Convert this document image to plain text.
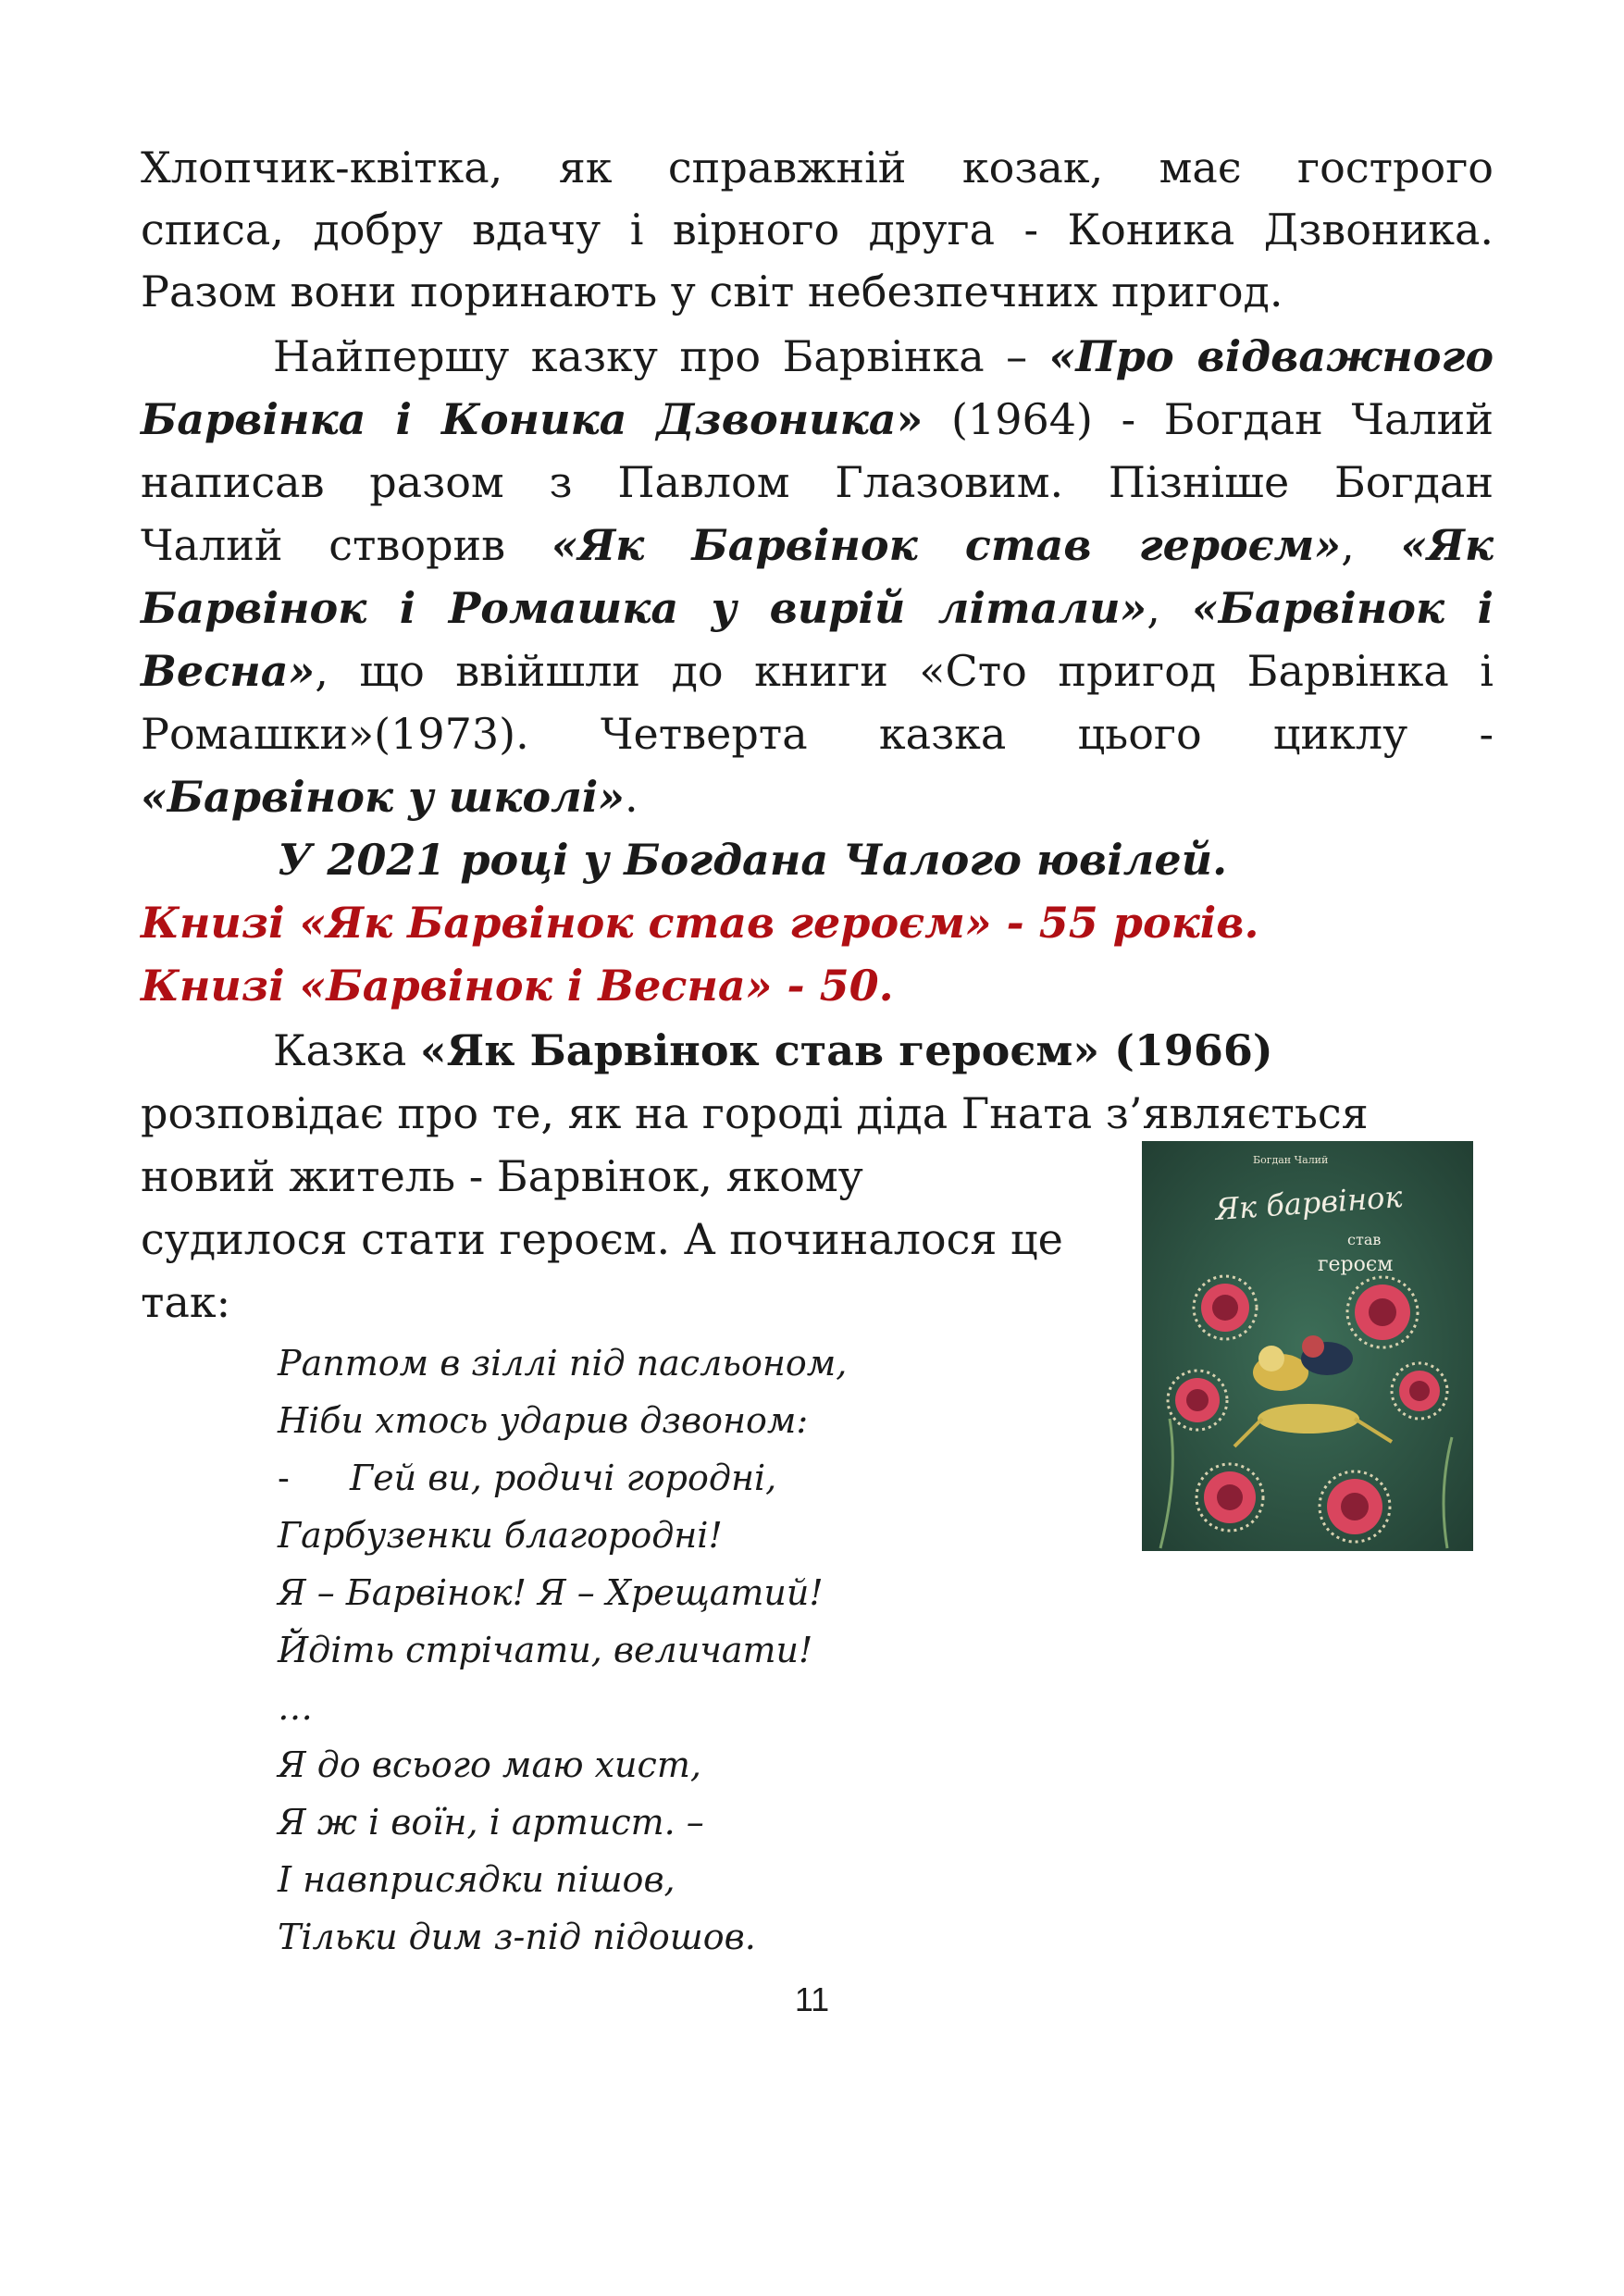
Хлопчик-квітка, як справжній козак, має гострого
списа, добру вдачу і вірного друга - Коника Дзвоника.
Разом вони поринають у світ небезпечних пригод.
Найпершу казку про Барвінка – «Про відважного
Барвінка і Коника Дзвоника» (1964) - Богдан Чалий
написав разом з Павлом Глазовим. Пізніше Богдан
Чалий створив «Як Барвінок став героєм», «Як
Барвінок і Ромашка у вирій літали», «Барвінок і
Весна», що ввійшли до книги «Сто пригод Барвінка і
Ромашки»(1973). Четверта казка цього циклу -
«Барвінок у школі».
У 2021 році у Богдана Чалого ювілей.
Книзі «Як Барвінок став героєм» - 55 років.
Книзі «Барвінок і Весна» - 50.
Казка «Як Барвінок став героєм» (1966)
розповідає про те, як на городі діда Гната з’являється
новий житель - Барвінок, якому
судилося стати героєм. А починалося це
так:
Раптом в зіллі під пасльоном,
Ніби хтось ударив дзвоном:
- Гей ви, родичі городні,
Гарбузенки благородні!
Я – Барвінок! Я – Хрещатий!
Йдіть стрічати, величати!
…
Я до всього маю хист,
Я ж і воїн, і артист. –
І навприсядки пішов,
Тільки дим з-під підошов.
Богдан Чалий
Як барвінок
став
героєм
11
